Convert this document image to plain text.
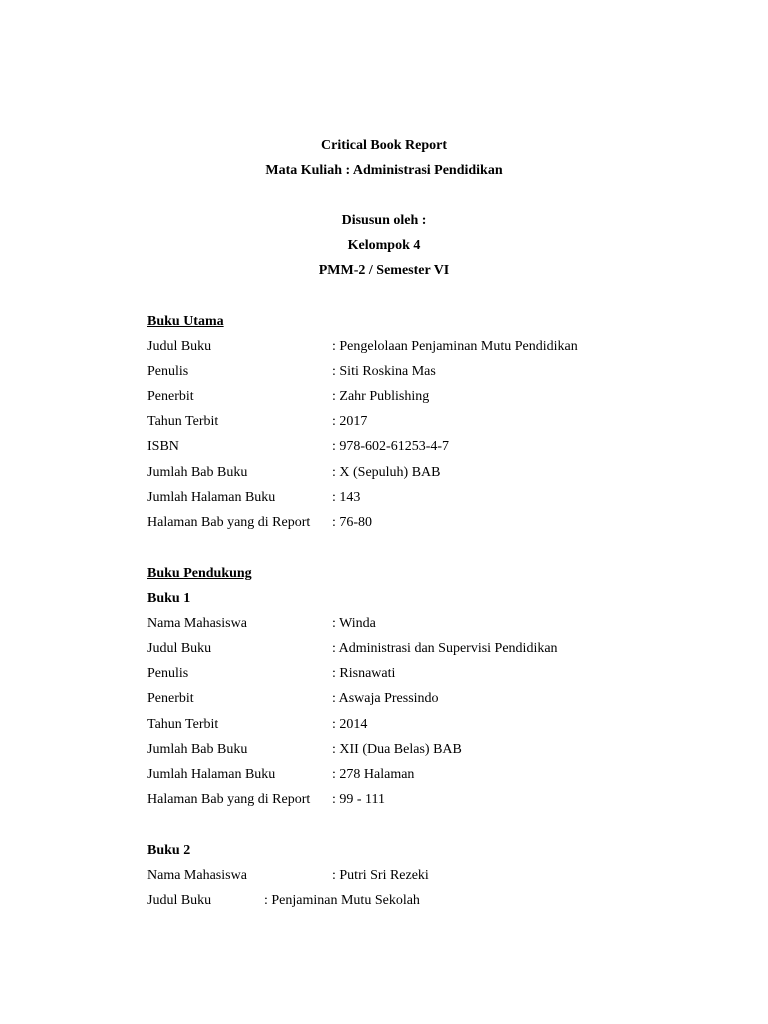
Critical Book Report
Mata Kuliah : Administrasi Pendidikan
Disusun oleh :
Kelompok 4
PMM-2 / Semester VI
Buku Utama
Judul Buku	: Pengelolaan Penjaminan Mutu Pendidikan
Penulis	: Siti Roskina Mas
Penerbit	: Zahr Publishing
Tahun Terbit	: 2017
ISBN	: 978-602-61253-4-7
Jumlah Bab Buku	: X (Sepuluh) BAB
Jumlah Halaman Buku	: 143
Halaman Bab yang di Report : 76-80
Buku Pendukung
Buku 1
Nama Mahasiswa	: Winda
Judul Buku	: Administrasi dan Supervisi Pendidikan
Penulis	: Risnawati
Penerbit	: Aswaja Pressindo
Tahun Terbit	: 2014
Jumlah Bab Buku	: XII (Dua Belas) BAB
Jumlah Halaman Buku	: 278 Halaman
Halaman Bab yang di Report : 99 - 111
Buku 2
Nama Mahasiswa	: Putri Sri Rezeki
Judul Buku	: Penjaminan Mutu Sekolah
